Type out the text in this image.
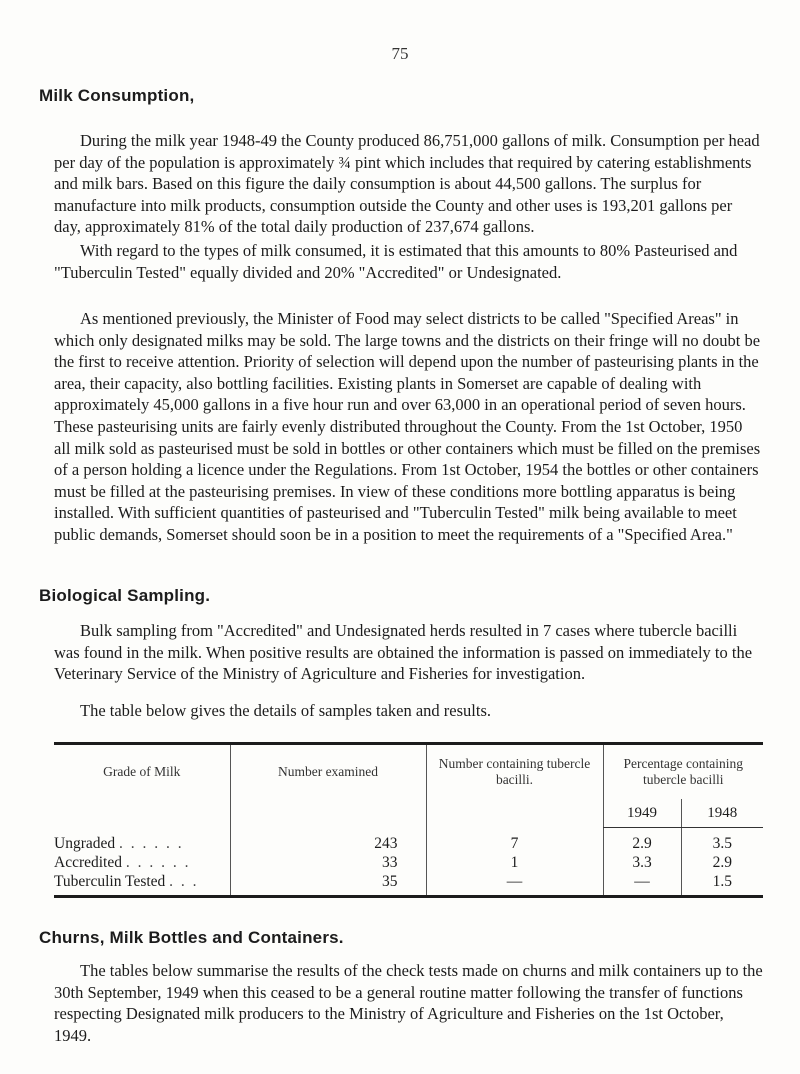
75
Milk Consumption,

During the milk year 1948-49 the County produced 86,751,000 gallons of milk. Consumption per head per day of the population is approximately ¾ pint which includes that required by catering establishments and milk bars. Based on this figure the daily consumption is about 44,500 gallons. The surplus for manufacture into milk products, consumption outside the County and other uses is 193,201 gallons per day, approximately 81% of the total daily production of 237,674 gallons.

With regard to the types of milk consumed, it is estimated that this amounts to 80% Pasteurised and "Tuberculin Tested" equally divided and 20% "Accredited" or Undesignated.

As mentioned previously, the Minister of Food may select districts to be called "Specified Areas" in which only designated milks may be sold. The large towns and the districts on their fringe will no doubt be the first to receive attention. Priority of selection will depend upon the number of pasteurising plants in the area, their capacity, also bottling facilities. Existing plants in Somerset are capable of dealing with approximately 45,000 gallons in a five hour run and over 63,000 in an operational period of seven hours. These pasteurising units are fairly evenly distributed throughout the County. From the 1st October, 1950 all milk sold as pasteurised must be sold in bottles or other containers which must be filled on the premises of a person holding a licence under the Regulations. From 1st October, 1954 the bottles or other containers must be filled at the pasteurising premises. In view of these conditions more bottling apparatus is being installed. With sufficient quantities of pasteurised and "Tuberculin Tested" milk being available to meet public demands, Somerset should soon be in a position to meet the requirements of a "Specified Area."

Biological Sampling.

Bulk sampling from "Accredited" and Undesignated herds resulted in 7 cases where tubercle bacilli was found in the milk. When positive results are obtained the information is passed on immediately to the Veterinary Service of the Ministry of Agriculture and Fisheries for investigation.

The table below gives the details of samples taken and results.

Grade of Milk	Number examined	Number containing tubercle bacilli.	Percentage containing tubercle bacilli	
			1949	1948
Ungraded . . . . . .	243	7	2.9	3.5
Accredited . . . . . .	33	1	3.3	2.9
Tuberculin Tested . . .	35	—	—	1.5

Churns, Milk Bottles and Containers.

The tables below summarise the results of the check tests made on churns and milk containers up to the 30th September, 1949 when this ceased to be a general routine matter following the transfer of functions respecting Designated milk producers to the Ministry of Agriculture and Fisheries on the 1st October, 1949.
